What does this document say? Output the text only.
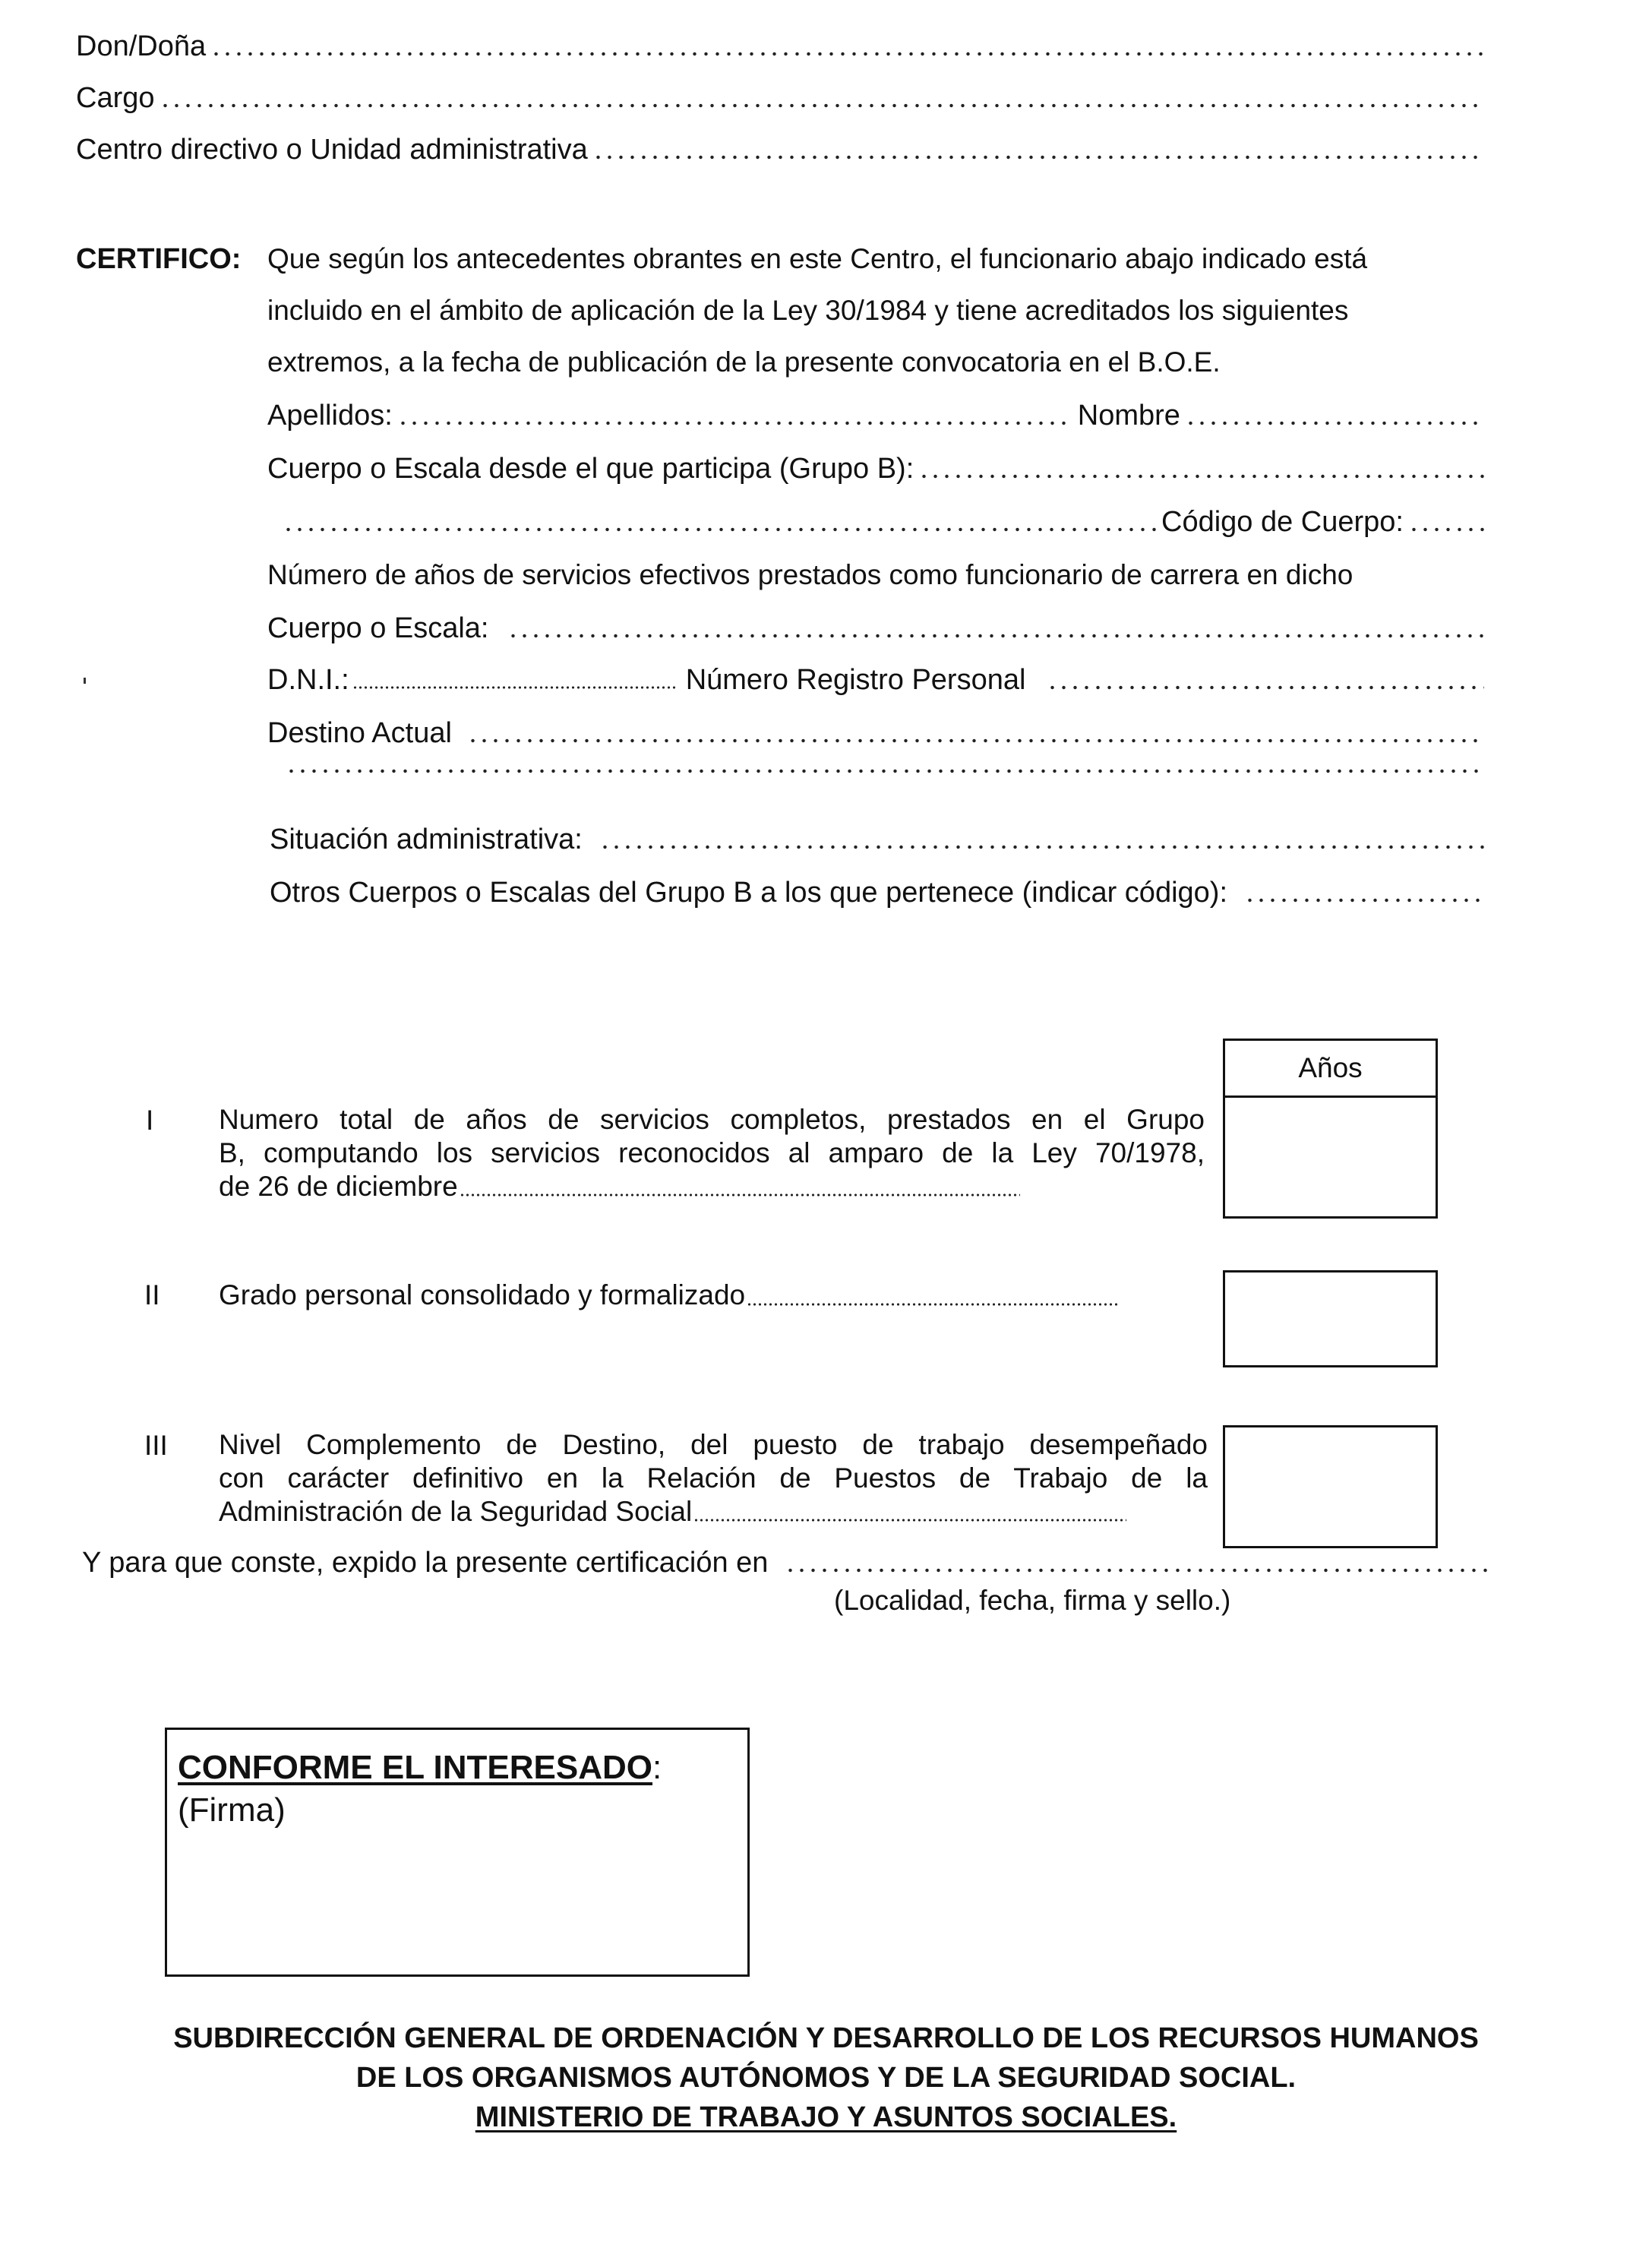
Don/Doña
Cargo
Centro directivo o Unidad administrativa
CERTIFICO: Que según los antecedentes obrantes en este Centro, el funcionario abajo indicado está
incluido en el ámbito de aplicación de la Ley 30/1984 y tiene acreditados los siguientes
extremos, a la fecha de publicación de la presente convocatoria en el B.O.E.
Apellidos:	Nombre
Cuerpo o Escala desde el que participa (Grupo B):
Código de Cuerpo:
Número de años de servicios efectivos prestados como funcionario de carrera en dicho
Cuerpo o Escala:
D.N.I.:	Número Registro Personal
Destino Actual
Situación administrativa:
Otros Cuerpos o Escalas del Grupo B a los que pertenece (indicar código):
Años
I Numero total de años de servicios completos, prestados en el Grupo
B, computando los servicios reconocidos al amparo de la Ley 70/1978,
de 26 de diciembre
II Grado personal consolidado y formalizado
III Nivel Complemento de Destino, del puesto de trabajo desempeñado
con carácter definitivo en la Relación de Puestos de Trabajo de la
Administración de la Seguridad Social
Y para que conste, expido la presente certificación en
(Localidad, fecha, firma y sello.)
CONFORME EL INTERESADO:
(Firma)
SUBDIRECCIÓN GENERAL DE ORDENACIÓN Y DESARROLLO DE LOS RECURSOS HUMANOS
DE LOS ORGANISMOS AUTÓNOMOS Y DE LA SEGURIDAD SOCIAL.
MINISTERIO DE TRABAJO Y ASUNTOS SOCIALES.
